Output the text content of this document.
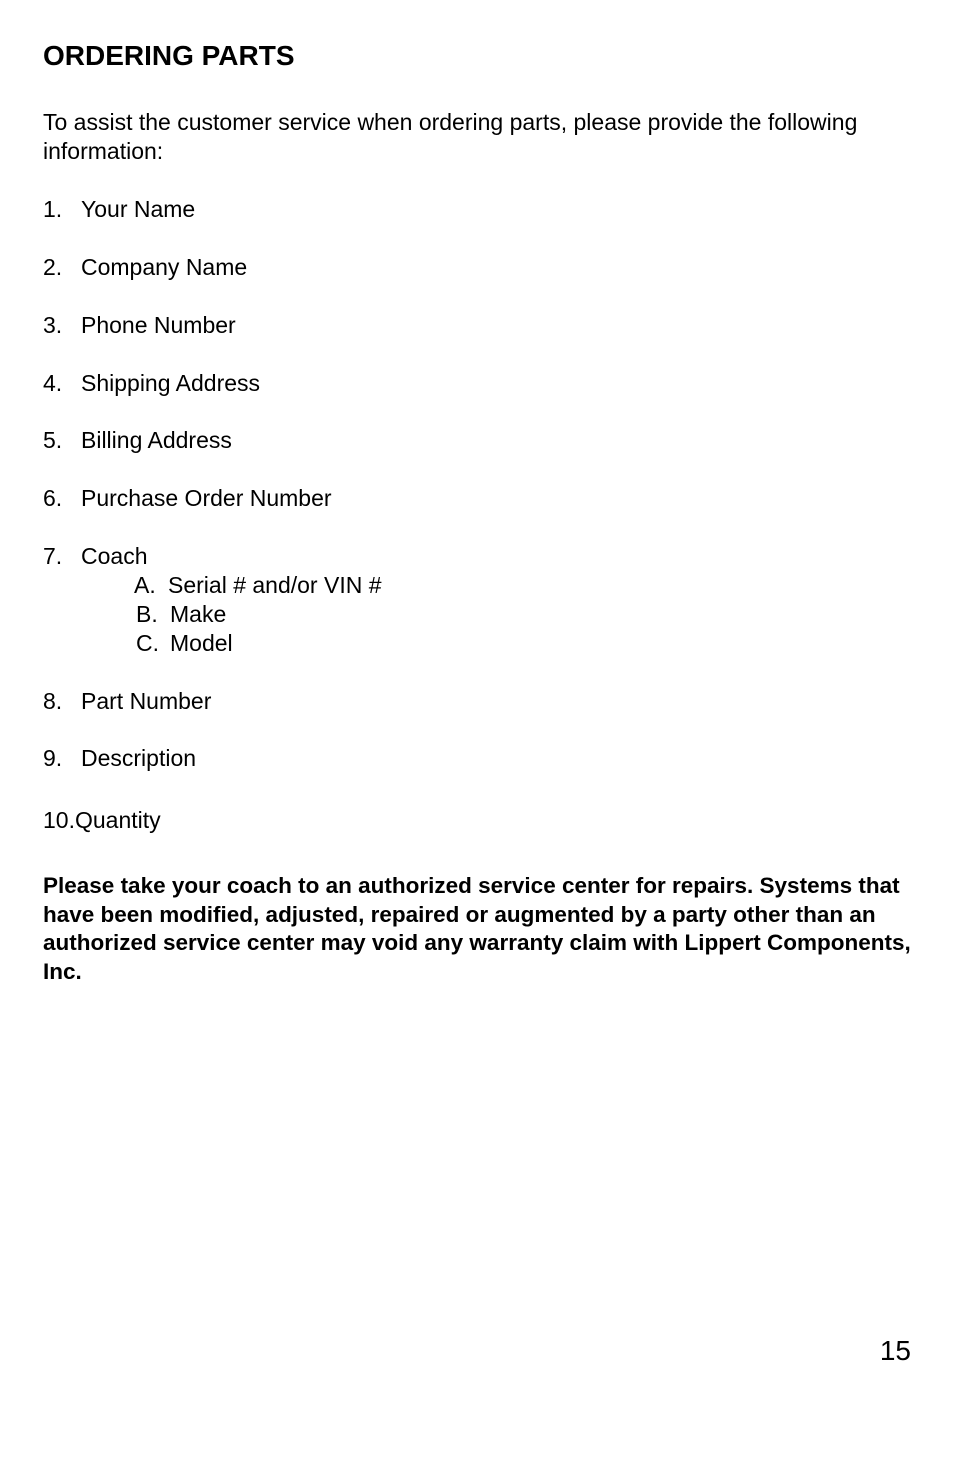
ORDERING PARTS

To assist the customer service when ordering parts, please provide the following information:

1. Your Name
2. Company Name
3. Phone Number
4. Shipping Address
5. Billing Address
6. Purchase Order Number
7. Coach
A. Serial # and/or VIN #
B. Make
C. Model
8. Part Number
9. Description
10.Quantity

Please take your coach to an authorized service center for repairs. Systems that have been modified, adjusted, repaired or augmented by a party other than an authorized service center may void any warranty claim with Lippert Components, Inc.

15
